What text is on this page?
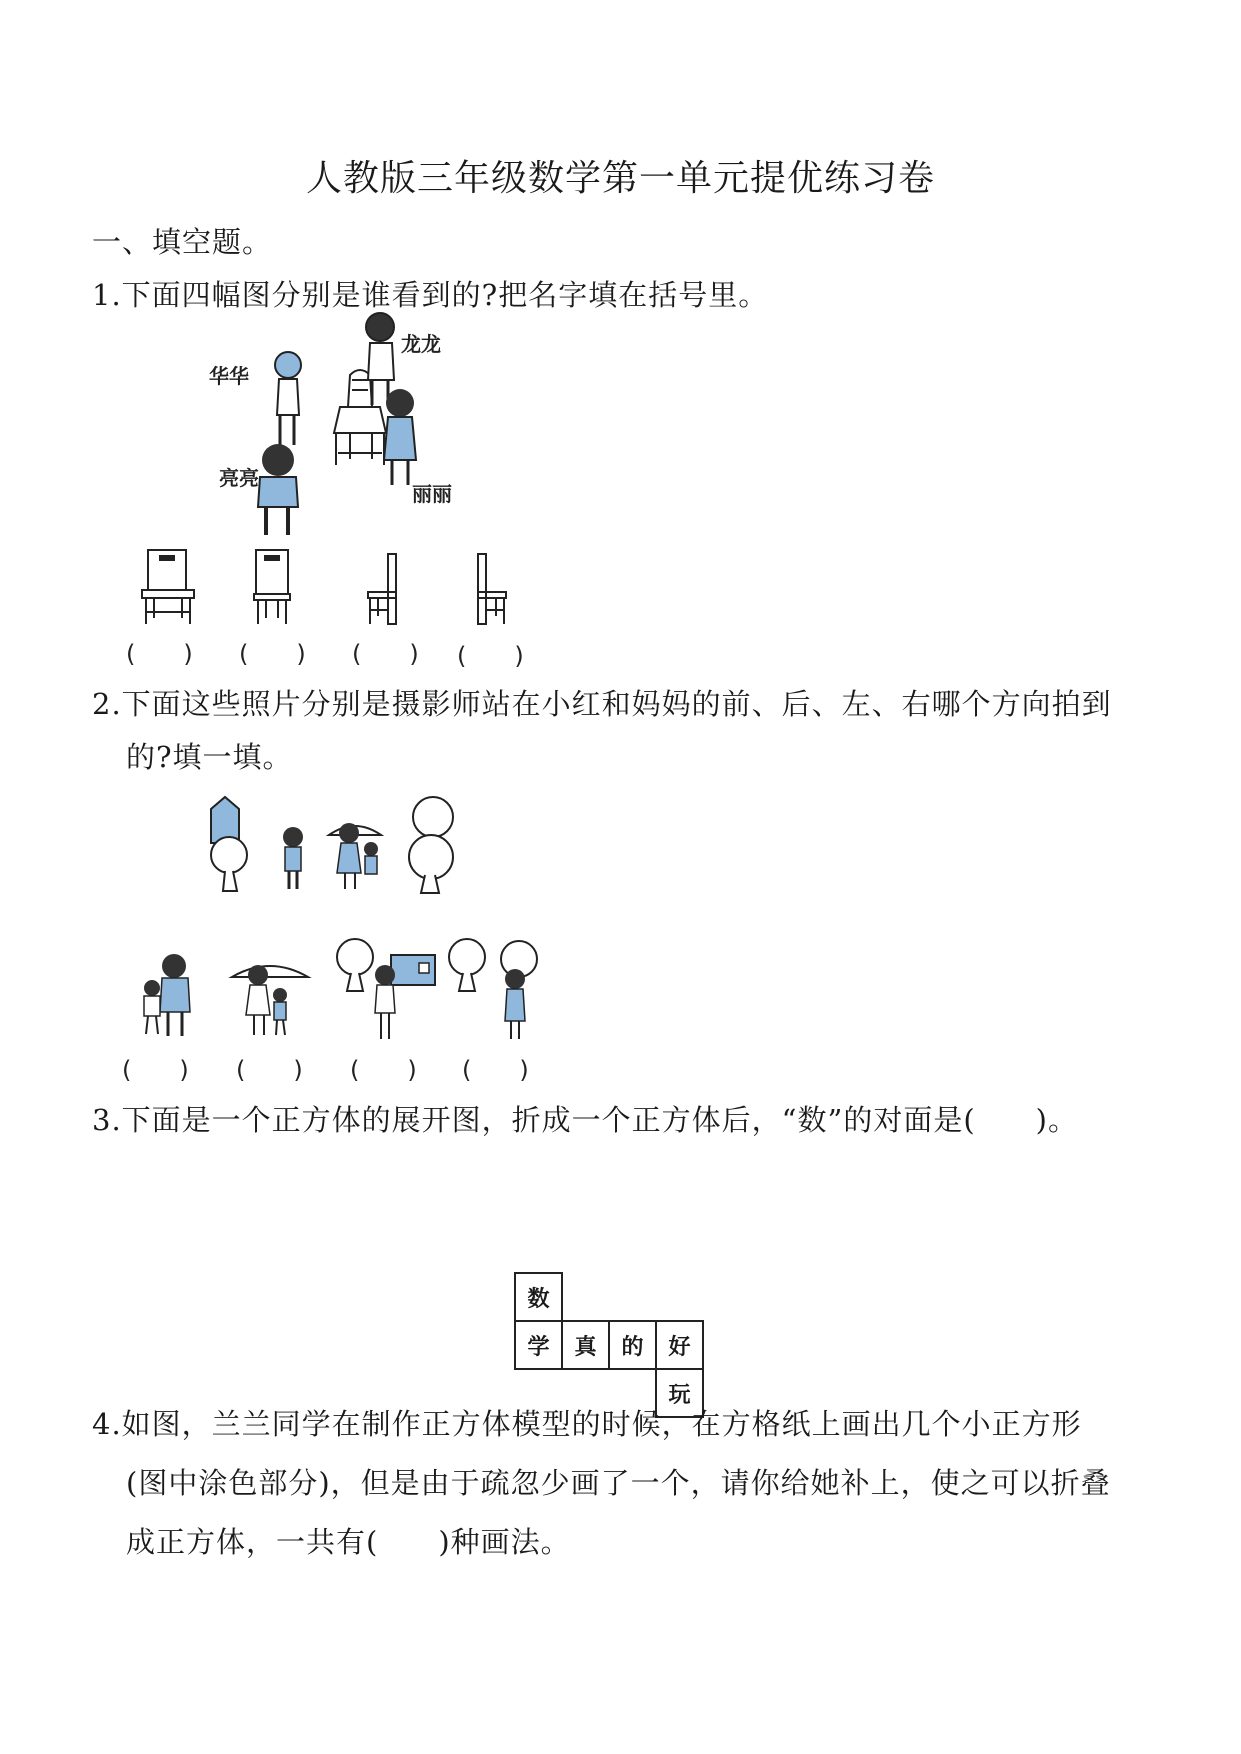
人教版三年级数学第一单元提优练习卷
一、填空题。
1.下面四幅图分别是谁看到的?把名字填在括号里。
华华
龙龙
亮亮
丽丽
(　　) (　　) (　　) (　　)
2.下面这些照片分别是摄影师站在小红和妈妈的前、后、左、右哪个方向拍到
的?填一填。
(　　) (　　) (　　) (　　)
3.下面是一个正方体的展开图，折成一个正方体后，“数”的对面是(　　)。
数
学	真	的	好
玩
4.如图，兰兰同学在制作正方体模型的时候，在方格纸上画出几个小正方形
(图中涂色部分)，但是由于疏忽少画了一个，请你给她补上，使之可以折叠
成正方体，一共有(　　)种画法。
